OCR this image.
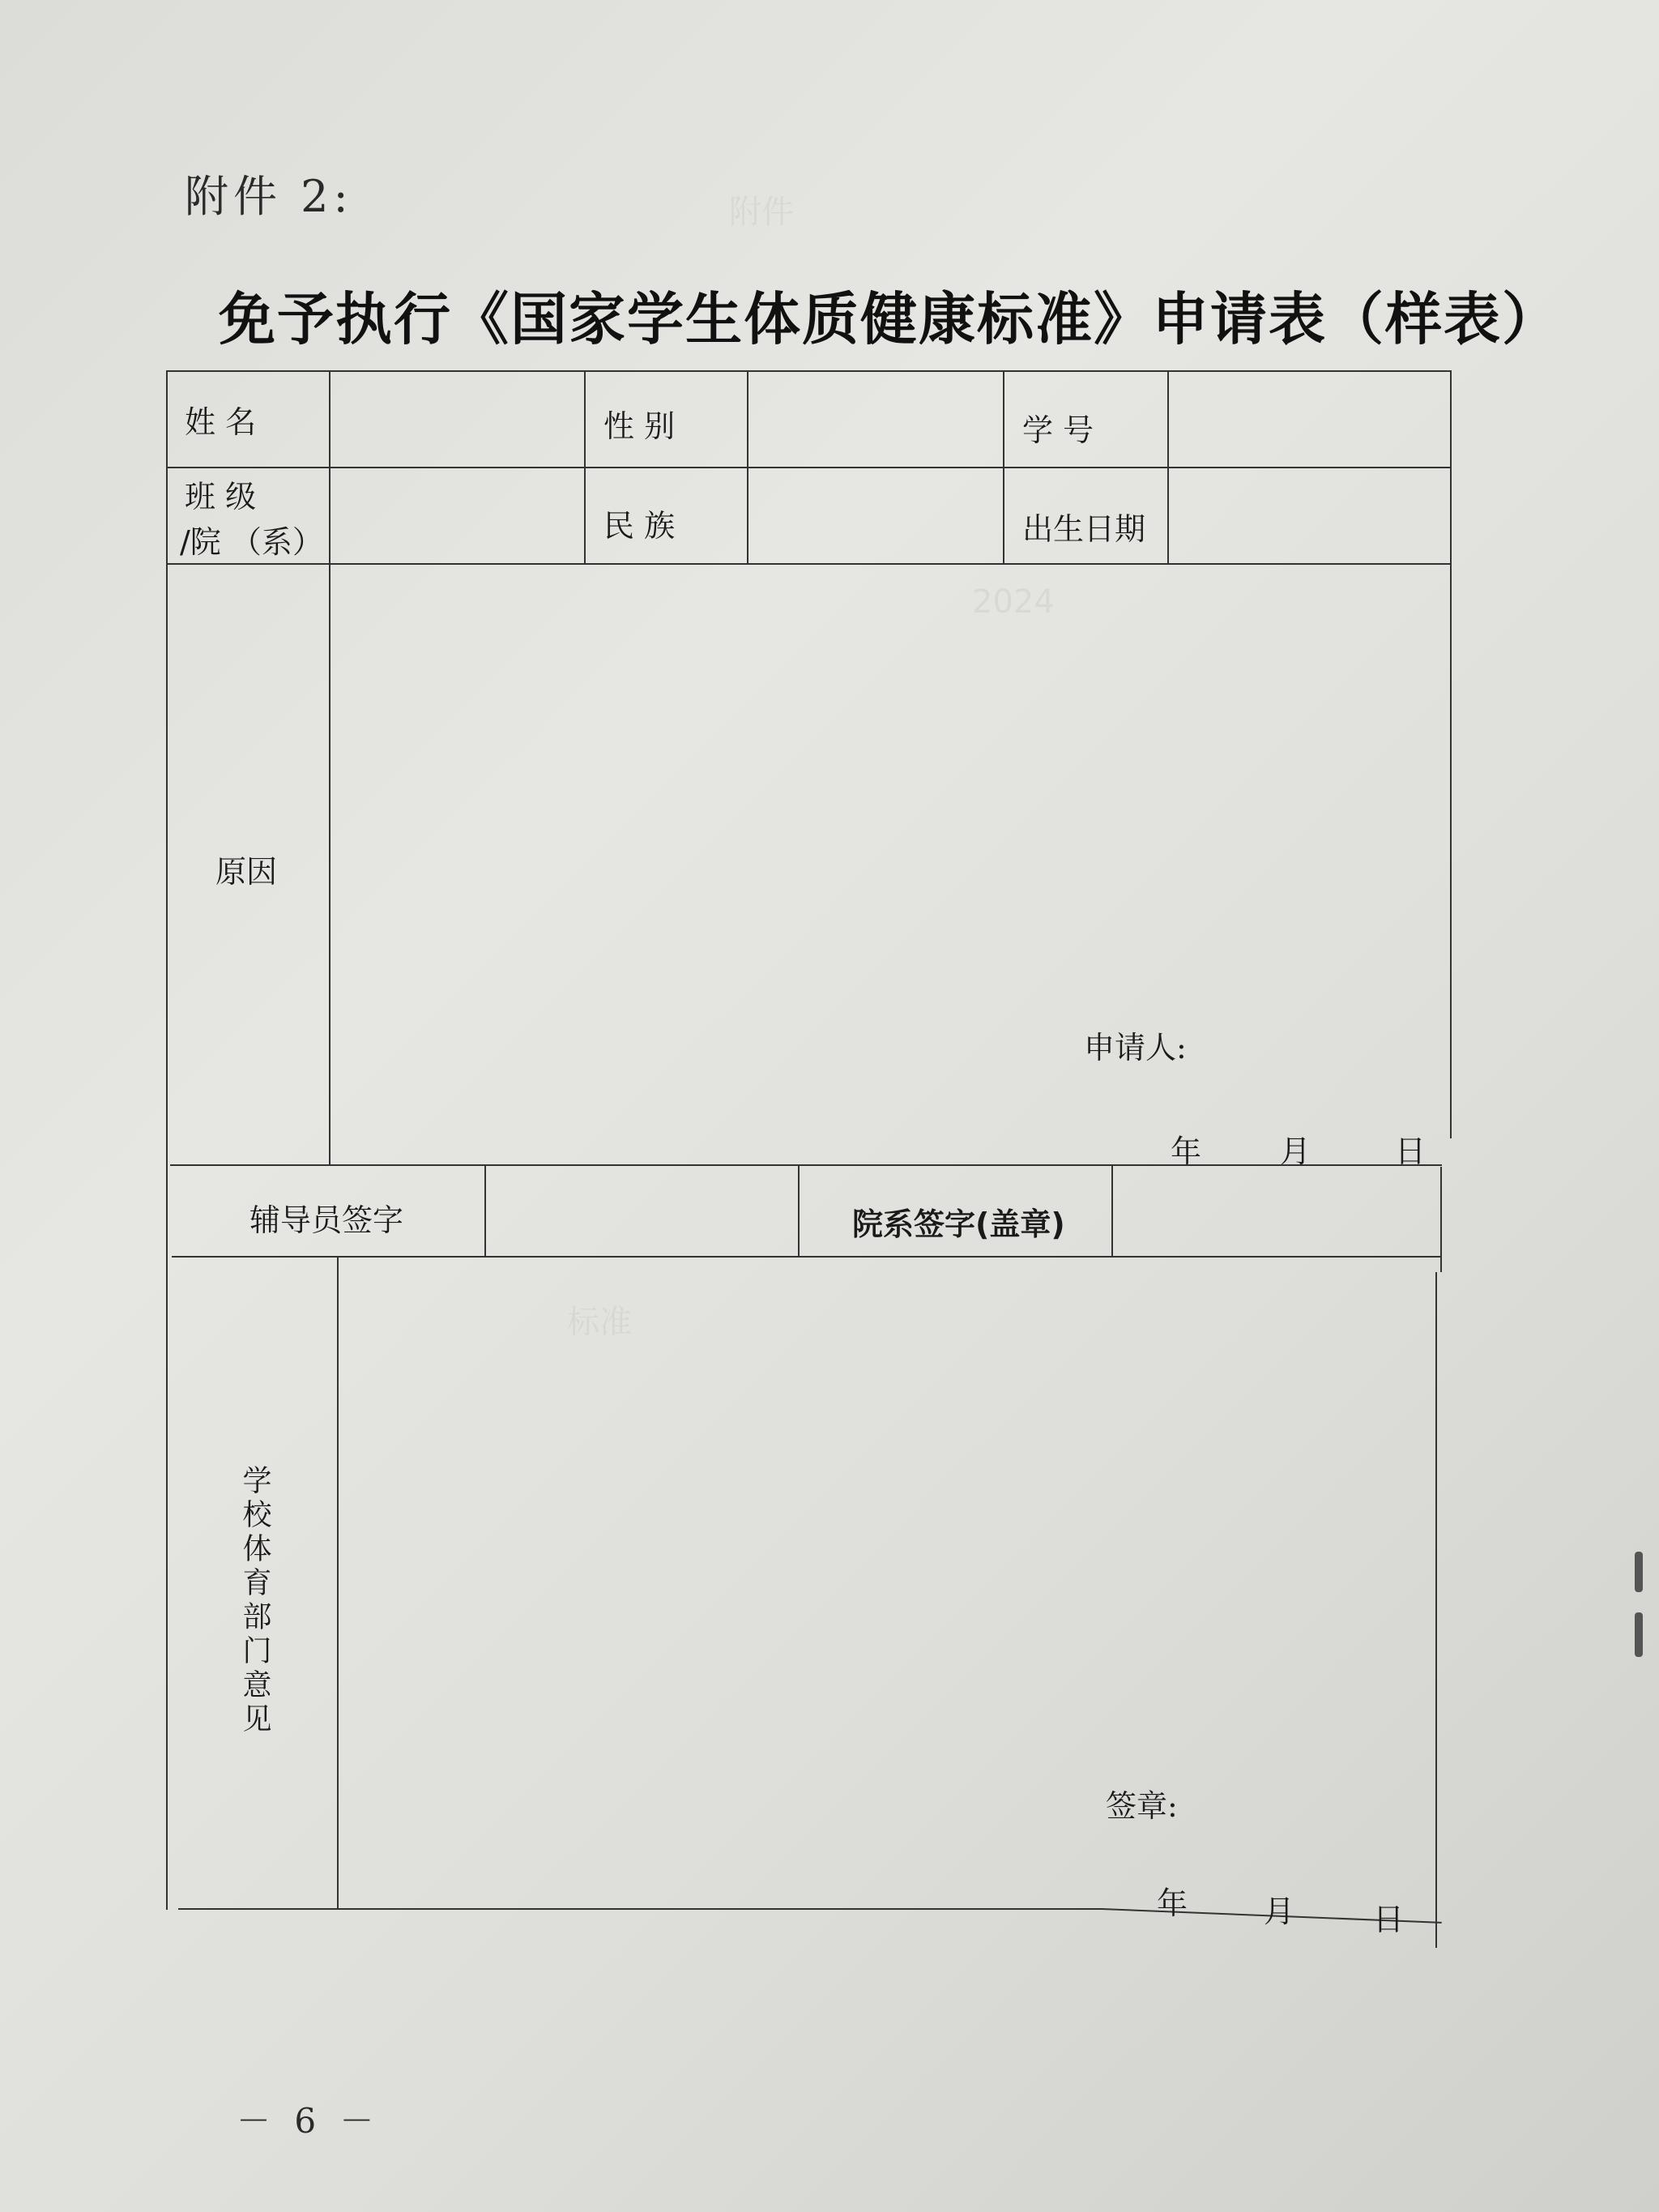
附件
2024
标准
附件 2:
免予执行《国家学生体质健康标准》申请表（样表）
姓 名	性 别	学 号
班 级
/院 （系）	民 族	出生日期
原因
申请人:
年	月	日
辅导员签字	院系签字(盖章)
学校体育部门意见
签章:
年 月	日
－ 6 －
